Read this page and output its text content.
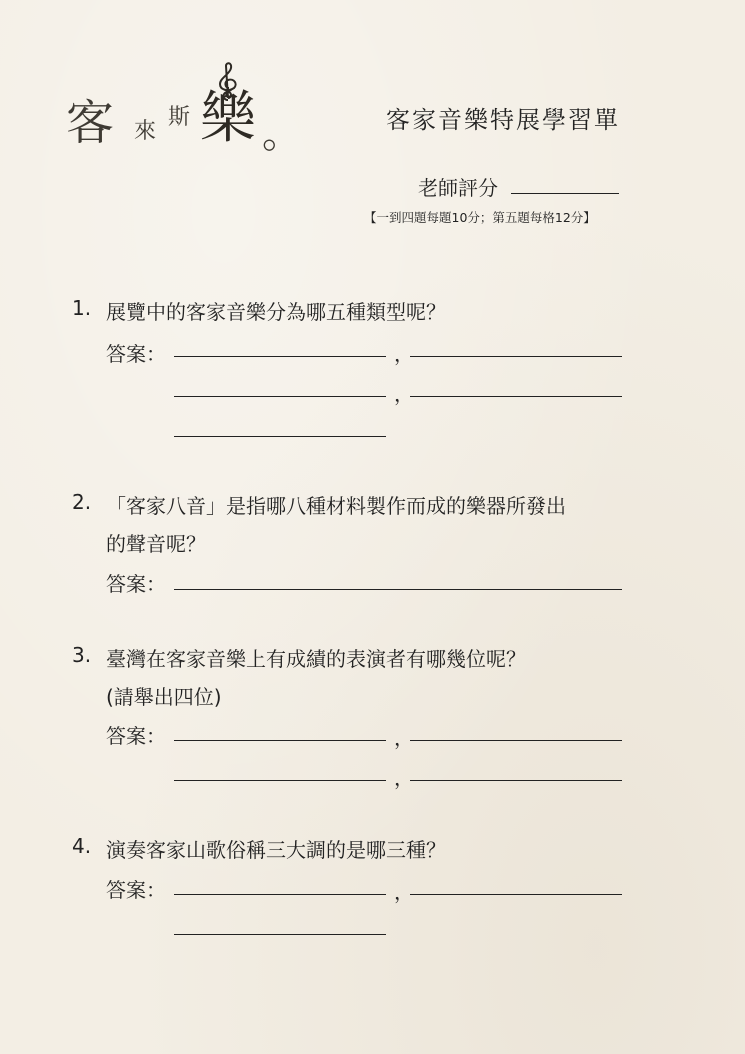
客 來
斯 樂 。	客家音樂特展學習單
老師評分
【一到四題每題10分；第五題每格12分】
1. 展覽中的客家音樂分為哪五種類型呢？
答案：	，
，
2. 「客家八音」是指哪八種材料製作而成的樂器所發出
的聲音呢？
答案：
3. 臺灣在客家音樂上有成績的表演者有哪幾位呢？
(請舉出四位)
答案：	，
，
4. 演奏客家山歌俗稱三大調的是哪三種？
答案：	，
